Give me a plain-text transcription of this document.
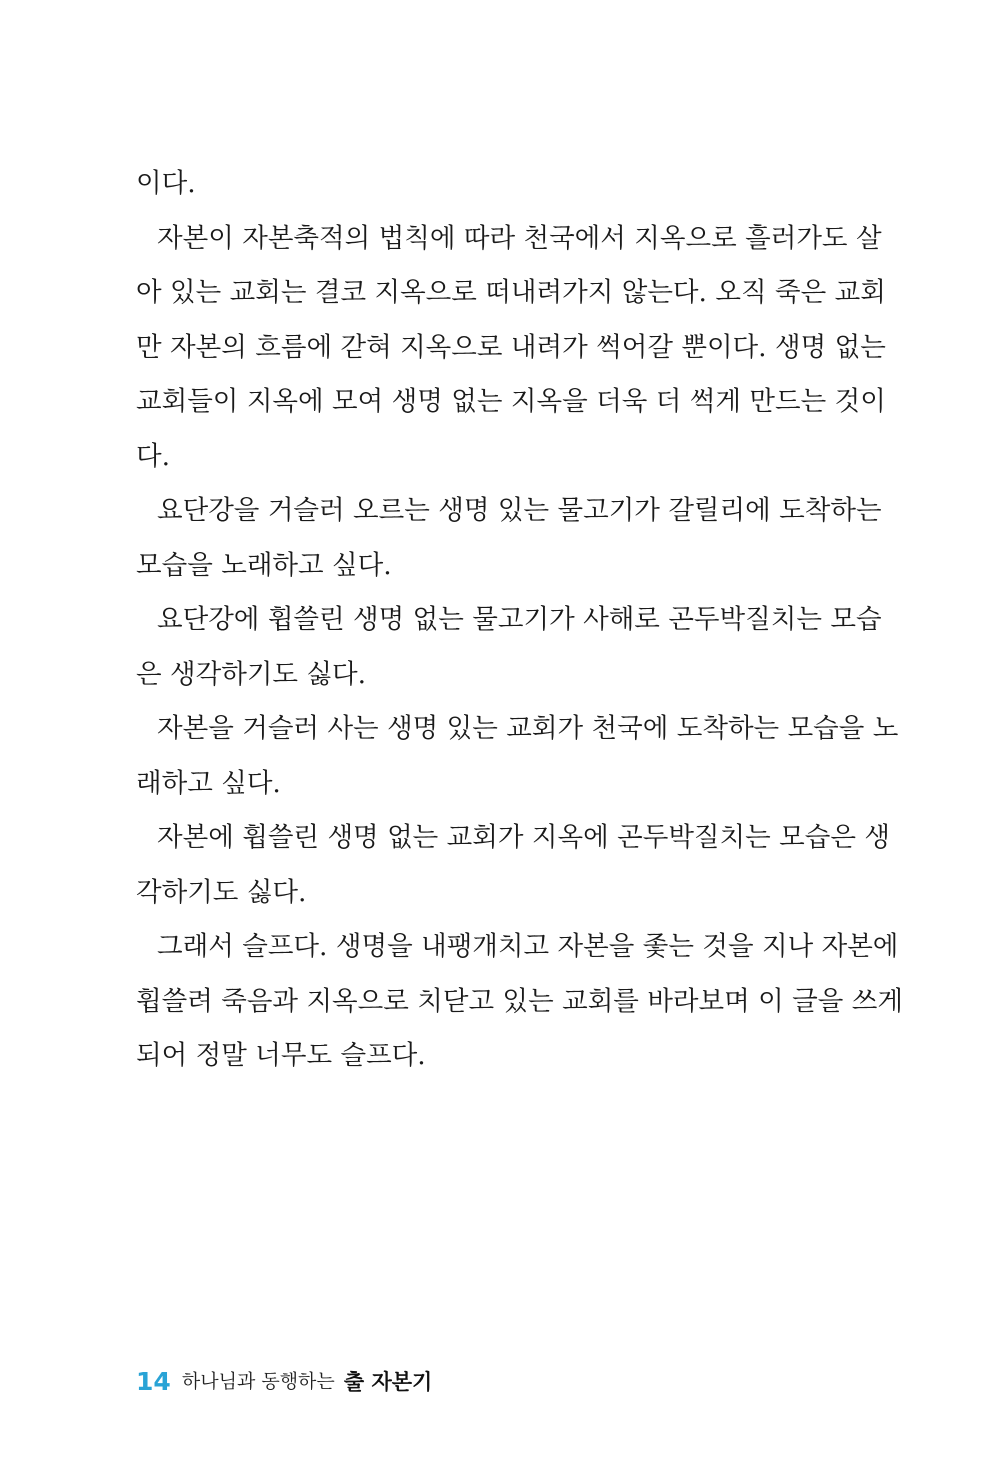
이다.
자본이 자본축적의 법칙에 따라 천국에서 지옥으로 흘러가도 살
아 있는 교회는 결코 지옥으로 떠내려가지 않는다. 오직 죽은 교회
만 자본의 흐름에 갇혀 지옥으로 내려가 썩어갈 뿐이다. 생명 없는
교회들이 지옥에 모여 생명 없는 지옥을 더욱 더 썩게 만드는 것이
다.
요단강을 거슬러 오르는 생명 있는 물고기가 갈릴리에 도착하는
모습을 노래하고 싶다.
요단강에 휩쓸린 생명 없는 물고기가 사해로 곤두박질치는 모습
은 생각하기도 싫다.
자본을 거슬러 사는 생명 있는 교회가 천국에 도착하는 모습을 노
래하고 싶다.
자본에 휩쓸린 생명 없는 교회가 지옥에 곤두박질치는 모습은 생
각하기도 싫다.
그래서 슬프다. 생명을 내팽개치고 자본을 좇는 것을 지나 자본에
휩쓸려 죽음과 지옥으로 치닫고 있는 교회를 바라보며 이 글을 쓰게
되어 정말 너무도 슬프다.
14 하나님과 동행하는 출 자본기
